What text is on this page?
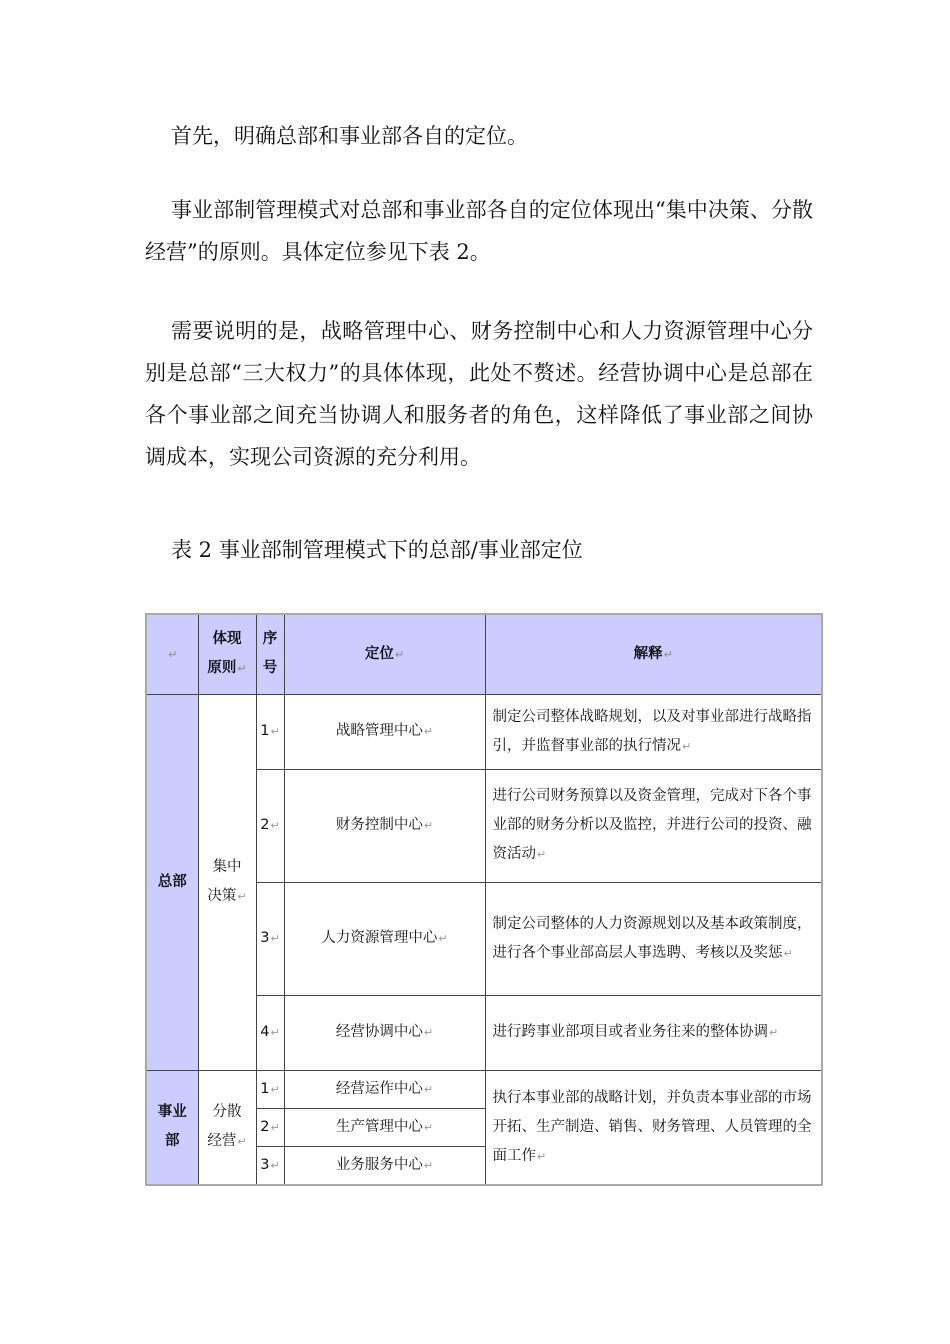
首先，明确总部和事业部各自的定位。

事业部制管理模式对总部和事业部各自的定位体现出“集中决策、分散经营”的原则。具体定位参见下表 2。

需要说明的是，战略管理中心、财务控制中心和人力资源管理中心分别是总部“三大权力”的具体体现，此处不赘述。经营协调中心是总部在各个事业部之间充当协调人和服务者的角色，这样降低了事业部之间协调成本，实现公司资源的充分利用。

表 2 事业部制管理模式下的总部/事业部定位

↵	体现原则↵	序号	定位↵	解释↵
总部	集中决策↵	1↵	战略管理中心↵	制定公司整体战略规划，以及对事业部进行战略指引，并监督事业部的执行情况↵
		2↵	财务控制中心↵	进行公司财务预算以及资金管理，完成对下各个事业部的财务分析以及监控，并进行公司的投资、融资活动↵
		3↵	人力资源管理中心↵	制定公司整体的人力资源规划以及基本政策制度，进行各个事业部高层人事选聘、考核以及奖惩↵
		4↵	经营协调中心↵	进行跨事业部项目或者业务往来的整体协调↵
事业部	分散经营↵	1↵	经营运作中心↵	执行本事业部的战略计划，并负责本事业部的市场开拓、生产制造、销售、财务管理、人员管理的全面工作↵
		2↵	生产管理中心↵	
		3↵	业务服务中心↵	
